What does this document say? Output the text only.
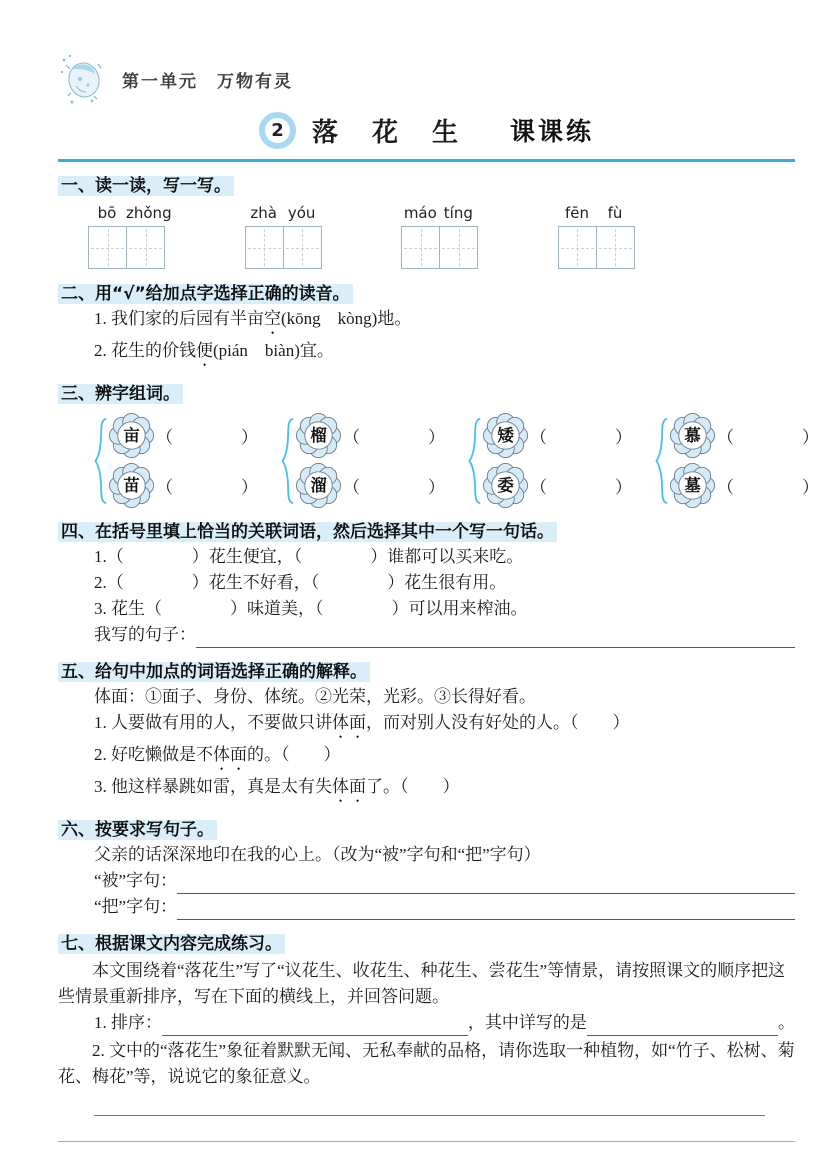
第一单元　万物有灵
2 落　花　生 课课练
一、读一读，写一写。
bō zhǒng	zhà yóu	máo tíng	fēn	fù
二、用“√”给加点字选择正确的读音。
1. 我们家的后园有半亩空(kōng　kòng)地。
2. 花生的价钱便(pián　biàn)宜。
三、辨字组词。
亩 （　　　　）
苗 （　　　　）
榴 （　　　　）
溜 （　　　　）
矮 （　　　　）
委 （　　　　）
慕 （　　　　）
墓 （　　　　）
四、在括号里填上恰当的关联词语，然后选择其中一个写一句话。
1.（　　　　）花生便宜，（　　　　）谁都可以买来吃。
2.（　　　　）花生不好看，（　　　　）花生很有用。
3. 花生（　　　　）味道美，（　　　　）可以用来榨油。
我写的句子：
五、给句中加点的词语选择正确的解释。
体面：①面子、身份、体统。②光荣，光彩。③长得好看。
1. 人要做有用的人，不要做只讲体面，而对别人没有好处的人。（　　）
2. 好吃懒做是不体面的。（　　）
3. 他这样暴跳如雷，真是太有失体面了。（　　）
六、按要求写句子。
父亲的话深深地印在我的心上。（改为“被”字句和“把”字句）
“被”字句：
“把”字句：
七、根据课文内容完成练习。
本文围绕着“落花生”写了“议花生、收花生、种花生、尝花生”等情景，请按照课文的顺序把这些情景重新排序，写在下面的横线上，并回答问题。
1. 排序：	，其中详写的是	。
2. 文中的“落花生”象征着默默无闻、无私奉献的品格，请你选取一种植物，如“竹子、松树、菊花、梅花”等，说说它的象征意义。
